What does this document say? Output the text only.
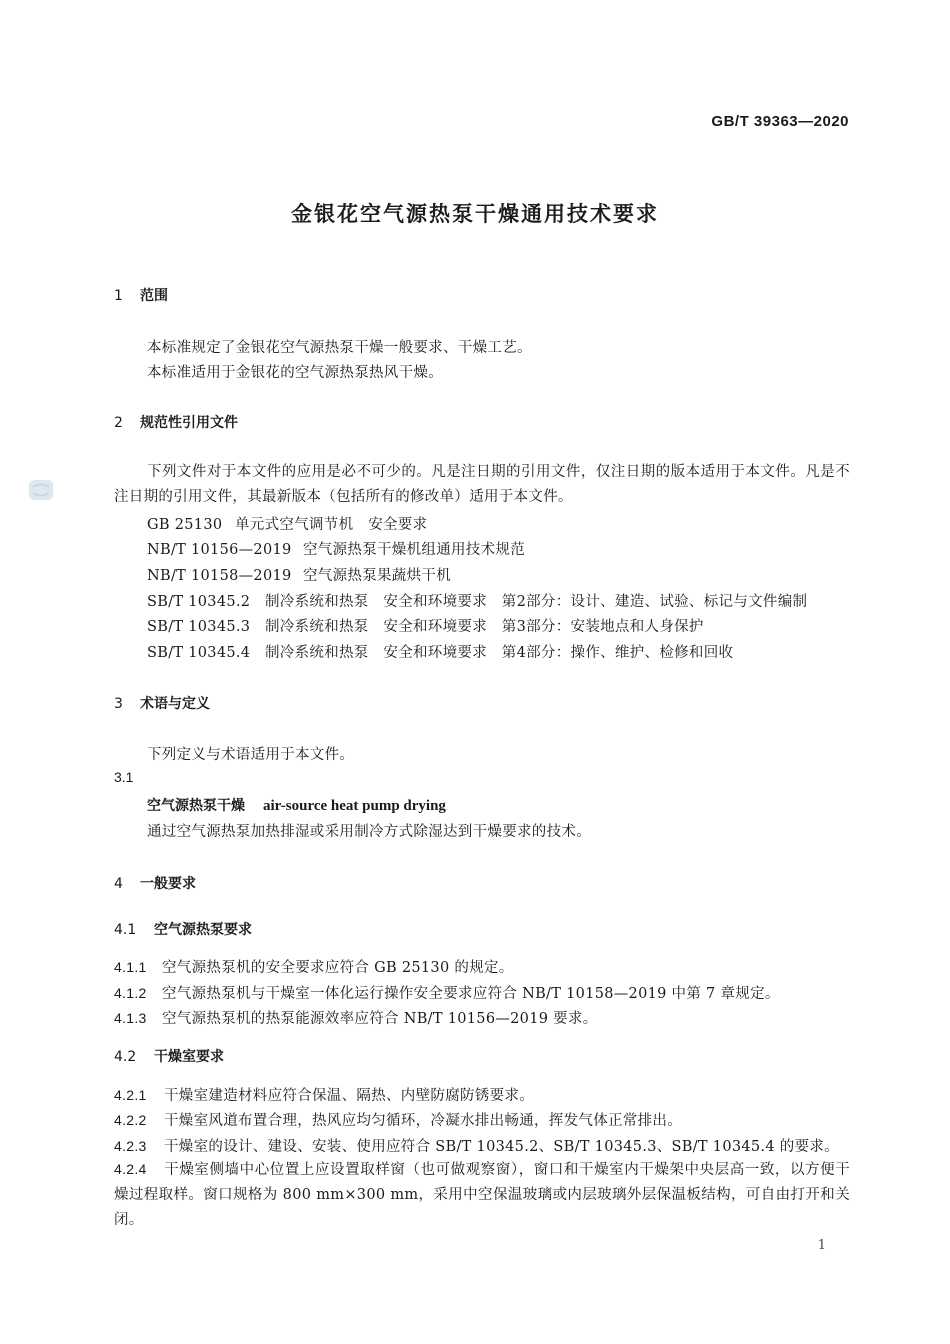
GB/T 39363—2020
金银花空气源热泵干燥通用技术要求
1 范围
本标准规定了金银花空气源热泵干燥一般要求、干燥工艺。
本标准适用于金银花的空气源热泵热风干燥。
2 规范性引用文件
下列文件对于本文件的应用是必不可少的。凡是注日期的引用文件，仅注日期的版本适用于本文件。凡是不注日期的引用文件，其最新版本（包括所有的修改单）适用于本文件。
GB 25130 单元式空气调节机　安全要求
NB/T 10156—2019 空气源热泵干燥机组通用技术规范
NB/T 10158—2019 空气源热泵果蔬烘干机
SB/T 10345.2 制冷系统和热泵　安全和环境要求　第2部分：设计、建造、试验、标记与文件编制
SB/T 10345.3 制冷系统和热泵　安全和环境要求　第3部分：安装地点和人身保护
SB/T 10345.4 制冷系统和热泵　安全和环境要求　第4部分：操作、维护、检修和回收
3 术语与定义
下列定义与术语适用于本文件。
3.1
空气源热泵干燥 air-source heat pump drying
通过空气源热泵加热排湿或采用制冷方式除湿达到干燥要求的技术。
4 一般要求
4.1 空气源热泵要求
4.1.1 空气源热泵机的安全要求应符合 GB 25130 的规定。
4.1.2 空气源热泵机与干燥室一体化运行操作安全要求应符合 NB/T 10158—2019 中第 7 章规定。
4.1.3 空气源热泵机的热泵能源效率应符合 NB/T 10156—2019 要求。
4.2 干燥室要求
4.2.1 干燥室建造材料应符合保温、隔热、内壁防腐防锈要求。
4.2.2 干燥室风道布置合理，热风应均匀循环，冷凝水排出畅通，挥发气体正常排出。
4.2.3 干燥室的设计、建设、安装、使用应符合 SB/T 10345.2、SB/T 10345.3、SB/T 10345.4 的要求。
4.2.4 干燥室侧墙中心位置上应设置取样窗（也可做观察窗），窗口和干燥室内干燥架中央层高一致，以方便干燥过程取样。窗口规格为 800 mm×300 mm，采用中空保温玻璃或内层玻璃外层保温板结构，可自由打开和关闭。
1
